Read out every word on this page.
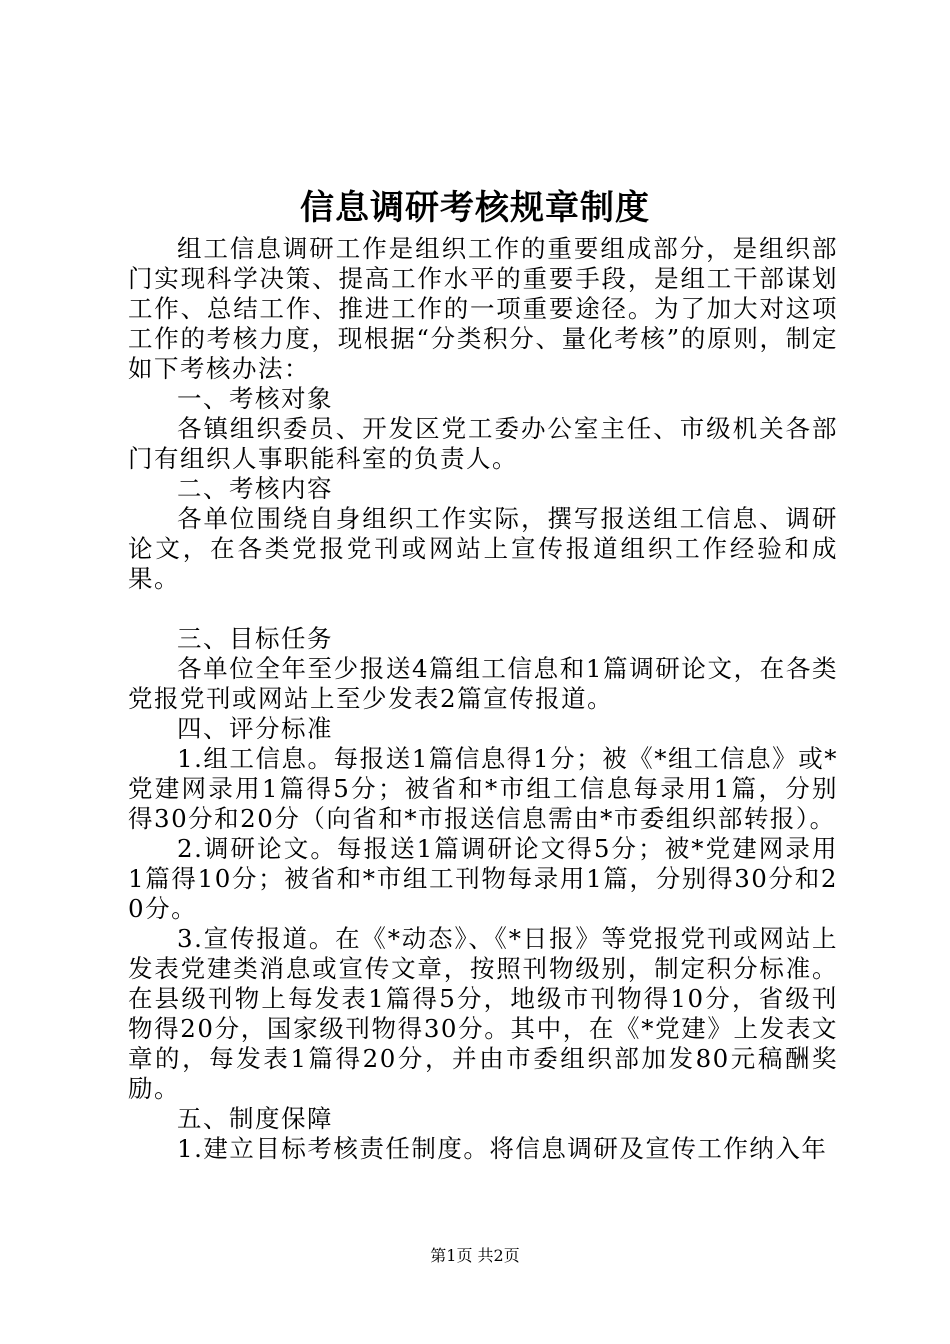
信息调研考核规章制度

组工信息调研工作是组织工作的重要组成部分，是组织部门实现科学决策、提高工作水平的重要手段，是组工干部谋划工作、总结工作、推进工作的一项重要途径。为了加大对这项工作的考核力度，现根据“分类积分、量化考核”的原则，制定如下考核办法：

一、考核对象

各镇组织委员、开发区党工委办公室主任、市级机关各部门有组织人事职能科室的负责人。

二、考核内容

各单位围绕自身组织工作实际，撰写报送组工信息、调研论文，在各类党报党刊或网站上宣传报道组织工作经验和成果。

三、目标任务

各单位全年至少报送4篇组工信息和1篇调研论文，在各类党报党刊或网站上至少发表2篇宣传报道。

四、评分标准

1.组工信息。每报送1篇信息得1分；被《*组工信息》或*党建网录用1篇得5分；被省和*市组工信息每录用1篇，分别得30分和20分（向省和*市报送信息需由*市委组织部转报）。

2.调研论文。每报送1篇调研论文得5分；被*党建网录用1篇得10分；被省和*市组工刊物每录用1篇，分别得30分和20分。

3.宣传报道。在《*动态》、《*日报》等党报党刊或网站上发表党建类消息或宣传文章，按照刊物级别，制定积分标准。在县级刊物上每发表1篇得5分，地级市刊物得10分，省级刊物得20分，国家级刊物得30分。其中，在《*党建》上发表文章的，每发表1篇得20分，并由市委组织部加发80元稿酬奖励。

五、制度保障

1.建立目标考核责任制度。将信息调研及宣传工作纳入年

第1页 共2页
